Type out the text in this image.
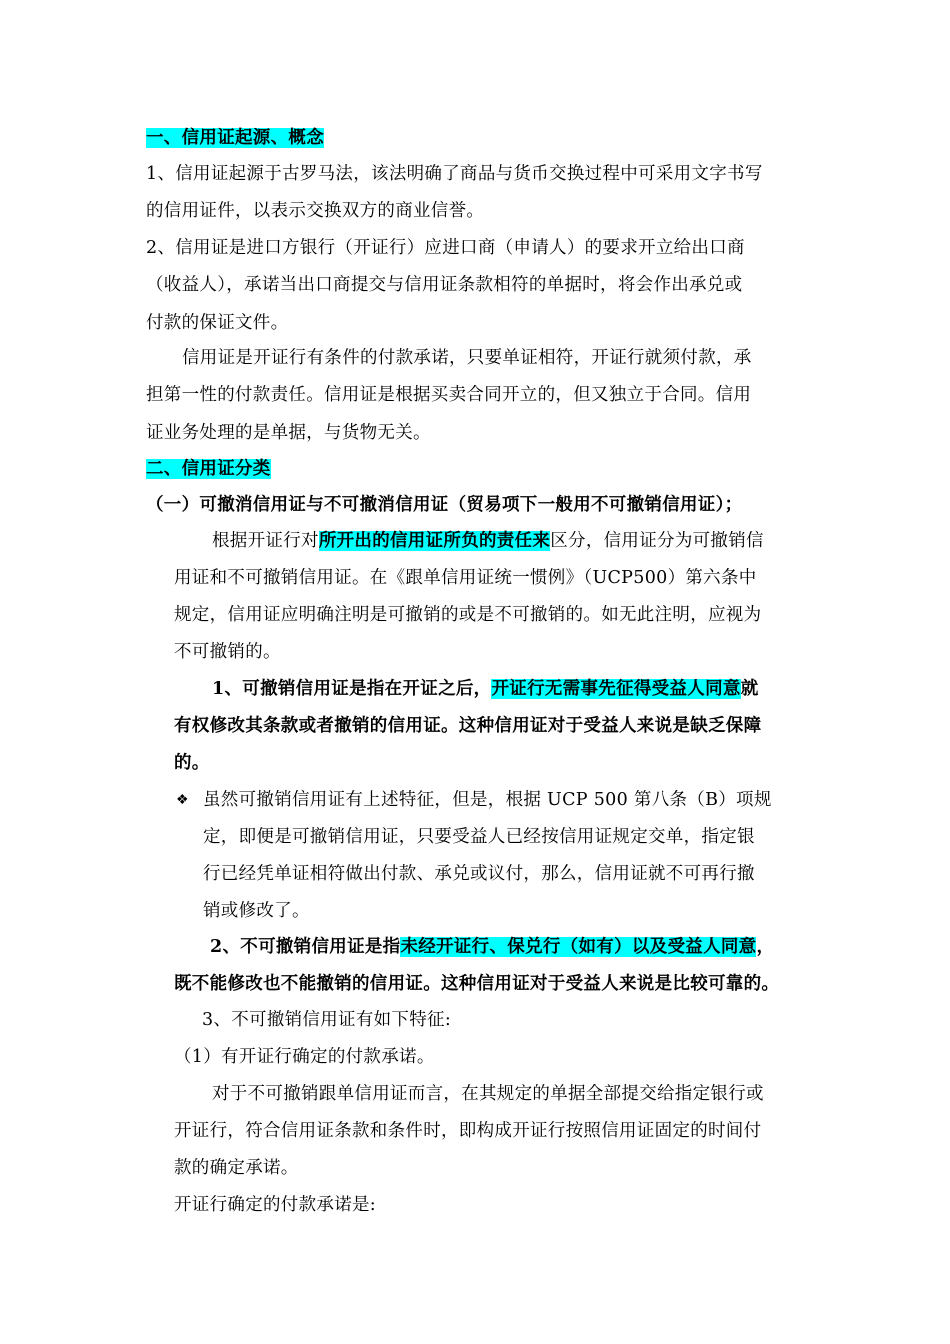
一、信用证起源、概念
1、信用证起源于古罗马法，该法明确了商品与货币交换过程中可采用文字书写
的信用证件，以表示交换双方的商业信誉。
2、信用证是进口方银行（开证行）应进口商（申请人）的要求开立给出口商
（收益人），承诺当出口商提交与信用证条款相符的单据时，将会作出承兑或
付款的保证文件。
信用证是开证行有条件的付款承诺，只要单证相符，开证行就须付款，承
担第一性的付款责任。信用证是根据买卖合同开立的，但又独立于合同。信用
证业务处理的是单据，与货物无关。
二、信用证分类
（一）可撤消信用证与不可撤消信用证（贸易项下一般用不可撤销信用证）；
根据开证行对所开出的信用证所负的责任来区分，信用证分为可撤销信
用证和不可撤销信用证。在《跟单信用证统一惯例》（UCP500）第六条中
规定，信用证应明确注明是可撤销的或是不可撤销的。如无此注明，应视为
不可撤销的。
1、可撤销信用证是指在开证之后，开证行无需事先征得受益人同意就
有权修改其条款或者撤销的信用证。这种信用证对于受益人来说是缺乏保障
的。
❖ 虽然可撤销信用证有上述特征，但是，根据 UCP 500 第八条（B）项规
定，即便是可撤销信用证，只要受益人已经按信用证规定交单，指定银
行已经凭单证相符做出付款、承兑或议付，那么，信用证就不可再行撤
销或修改了。
2、不可撤销信用证是指未经开证行、保兑行（如有）以及受益人同意，
既不能修改也不能撤销的信用证。这种信用证对于受益人来说是比较可靠的。
3、不可撤销信用证有如下特征:
（1）有开证行确定的付款承诺。
对于不可撤销跟单信用证而言，在其规定的单据全部提交给指定银行或
开证行，符合信用证条款和条件时，即构成开证行按照信用证固定的时间付
款的确定承诺。
开证行确定的付款承诺是:
